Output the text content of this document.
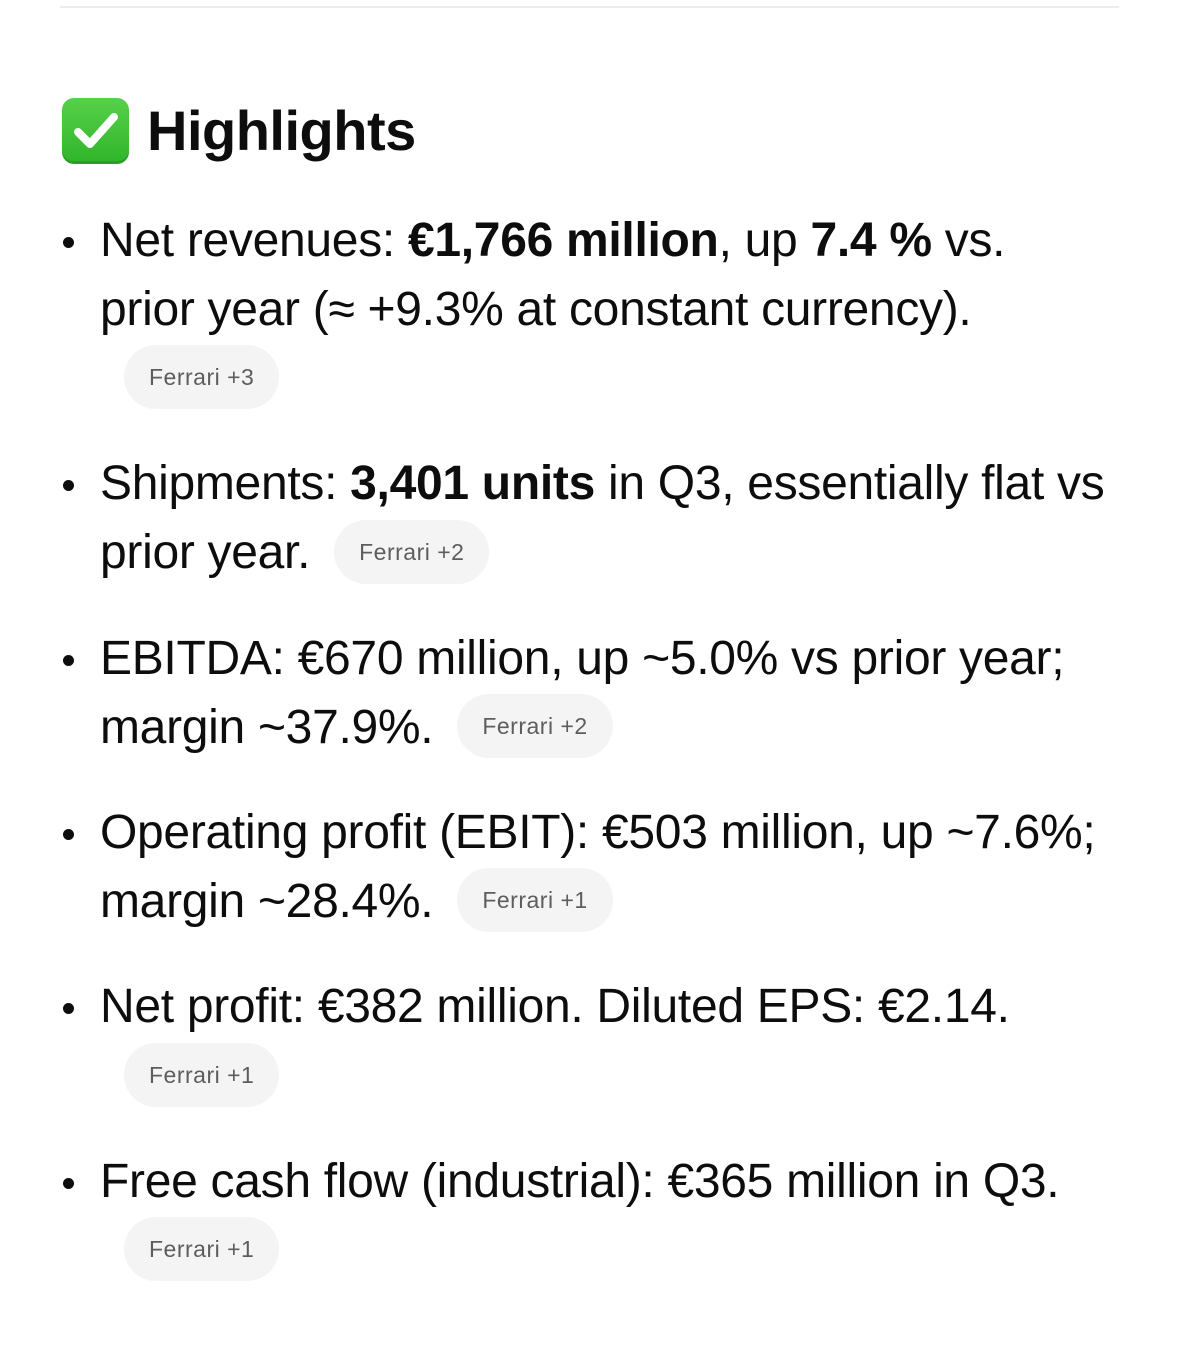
Highlights
Net revenues: €1,766 million, up 7.4 % vs. prior year (≈ +9.3% at constant currency).Ferrari +3
Shipments: 3,401 units in Q3, essentially flat vs prior year. Ferrari +2
EBITDA: €670 million, up ~5.0% vs prior year; margin ~37.9%. Ferrari +2
Operating profit (EBIT): €503 million, up ~7.6%; margin ~28.4%. Ferrari +1
Net profit: €382 million. Diluted EPS: €2.14.Ferrari +1
Free cash flow (industrial): €365 million in Q3.Ferrari +1
